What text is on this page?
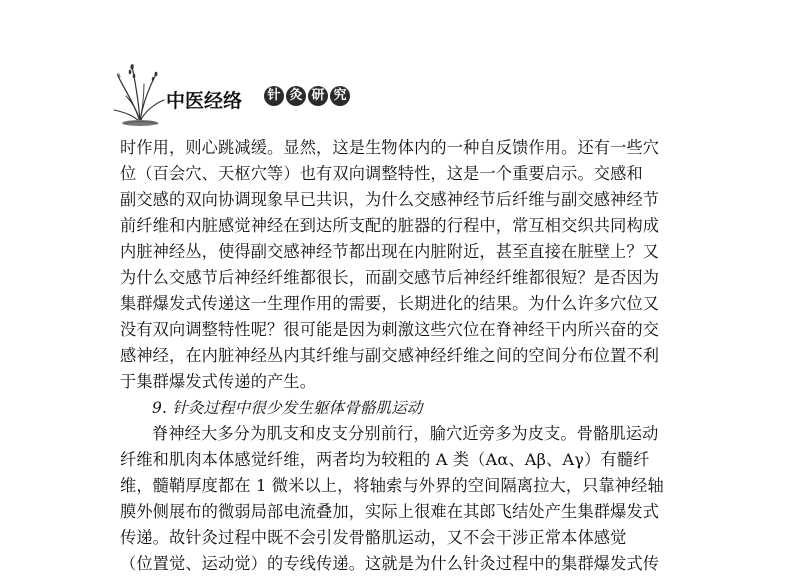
中医经络 针 灸 研 究
时作用，则心跳减缓。显然，这是生物体内的一种自反馈作用。还有一些穴
位（百会穴、天枢穴等）也有双向调整特性，这是一个重要启示。交感和
副交感的双向协调现象早已共识，为什么交感神经节后纤维与副交感神经节
前纤维和内脏感觉神经在到达所支配的脏器的行程中，常互相交织共同构成
内脏神经丛，使得副交感神经节都出现在内脏附近，甚至直接在脏壁上？又
为什么交感节后神经纤维都很长，而副交感节后神经纤维都很短？是否因为
集群爆发式传递这一生理作用的需要，长期进化的结果。为什么许多穴位又
没有双向调整特性呢？很可能是因为刺激这些穴位在脊神经干内所兴奋的交
感神经，在内脏神经丛内其纤维与副交感神经纤维之间的空间分布位置不利
于集群爆发式传递的产生。
9. 针灸过程中很少发生躯体骨骼肌运动
脊神经大多分为肌支和皮支分别前行，腧穴近旁多为皮支。骨骼肌运动
纤维和肌肉本体感觉纤维，两者均为较粗的 A 类（Aα、Aβ、Aγ）有髓纤
维，髓鞘厚度都在 1 微米以上，将轴索与外界的空间隔离拉大，只靠神经轴
膜外侧展布的微弱局部电流叠加，实际上很难在其郎飞结处产生集群爆发式
传递。故针灸过程中既不会引发骨骼肌运动，又不会干涉正常本体感觉
（位置觉、运动觉）的专线传递。这就是为什么针灸过程中的集群爆发式传
